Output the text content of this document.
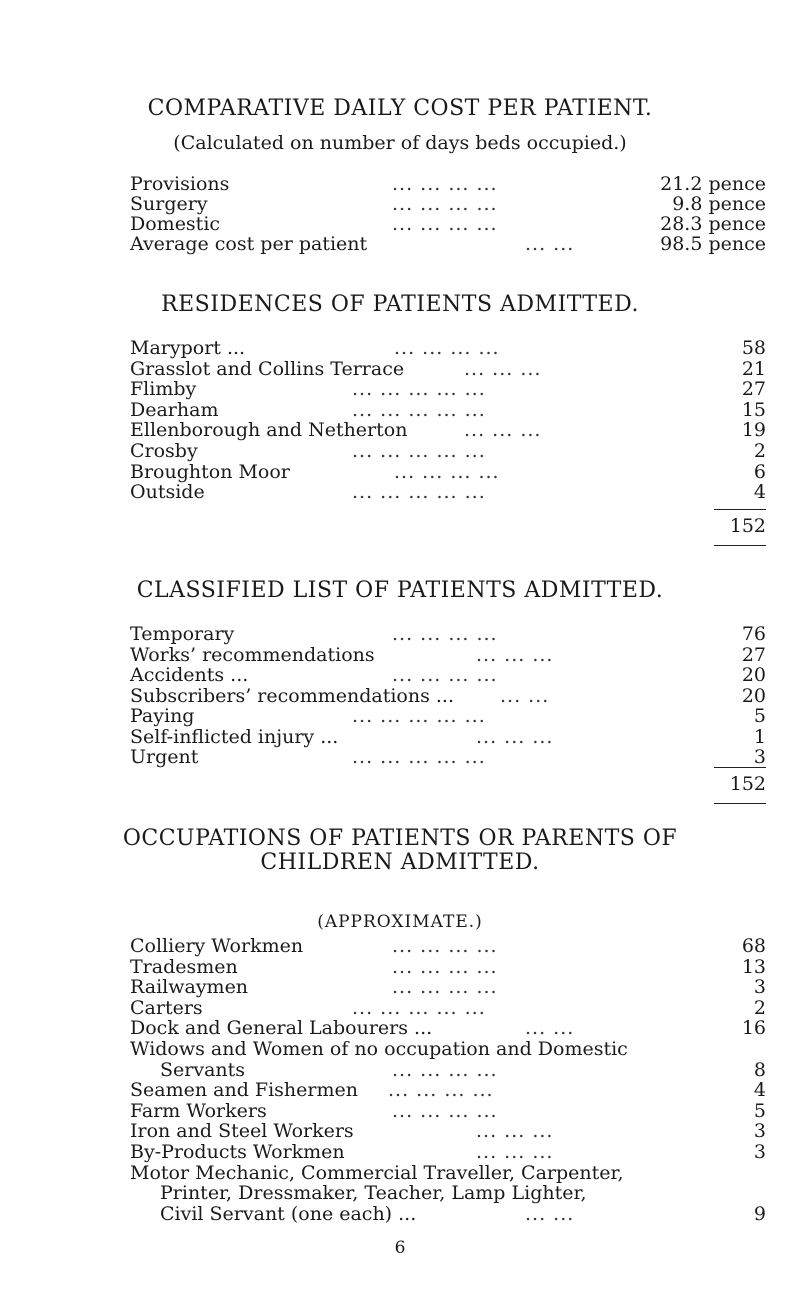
COMPARATIVE DAILY COST PER PATIENT.
(Calculated on number of days beds occupied.)
Provisions	... ... ... ...	21.2 pence
Surgery	... ... ... ...	9.8 pence
Domestic	... ... ... ...	28.3 pence
Average cost per patient	... ...	98.5 pence
RESIDENCES OF PATIENTS ADMITTED.
Maryport ...	... ... ... ...	58
Grasslot and Collins Terrace	... ... ...	21
Flimby	... ... ... ... ...	27
Dearham	... ... ... ... ...	15
Ellenborough and Netherton	... ... ...	19
Crosby	... ... ... ... ...	2
Broughton Moor	... ... ... ...	6
Outside	... ... ... ... ...	4
152
CLASSIFIED LIST OF PATIENTS ADMITTED.
Temporary	... ... ... ...	76
Works’ recommendations	... ... ...	27
Accidents ...	... ... ... ...	20
Subscribers’ recommendations ... ... ...	20
Paying	... ... ... ... ...	5
Self-inflicted injury ...	... ... ...	1
Urgent	... ... ... ... ...	3
152
OCCUPATIONS OF PATIENTS OR PARENTS OF
CHILDREN ADMITTED.
(APPROXIMATE.)
Colliery Workmen	... ... ... ...	68
Tradesmen	... ... ... ...	13
Railwaymen	... ... ... ...	3
Carters	... ... ... ... ...	2
Dock and General Labourers ...	... ...	16
Widows and Women of no occupation and Domestic
Servants	... ... ... ...	8
Seamen and Fishermen ... ... ... ...	4
Farm Workers	... ... ... ...	5
Iron and Steel Workers	... ... ...	3
By-Products Workmen	... ... ...	3
Motor Mechanic, Commercial Traveller, Carpenter,
Printer, Dressmaker, Teacher, Lamp Lighter,
Civil Servant (one each) ...	... ...	9
6
